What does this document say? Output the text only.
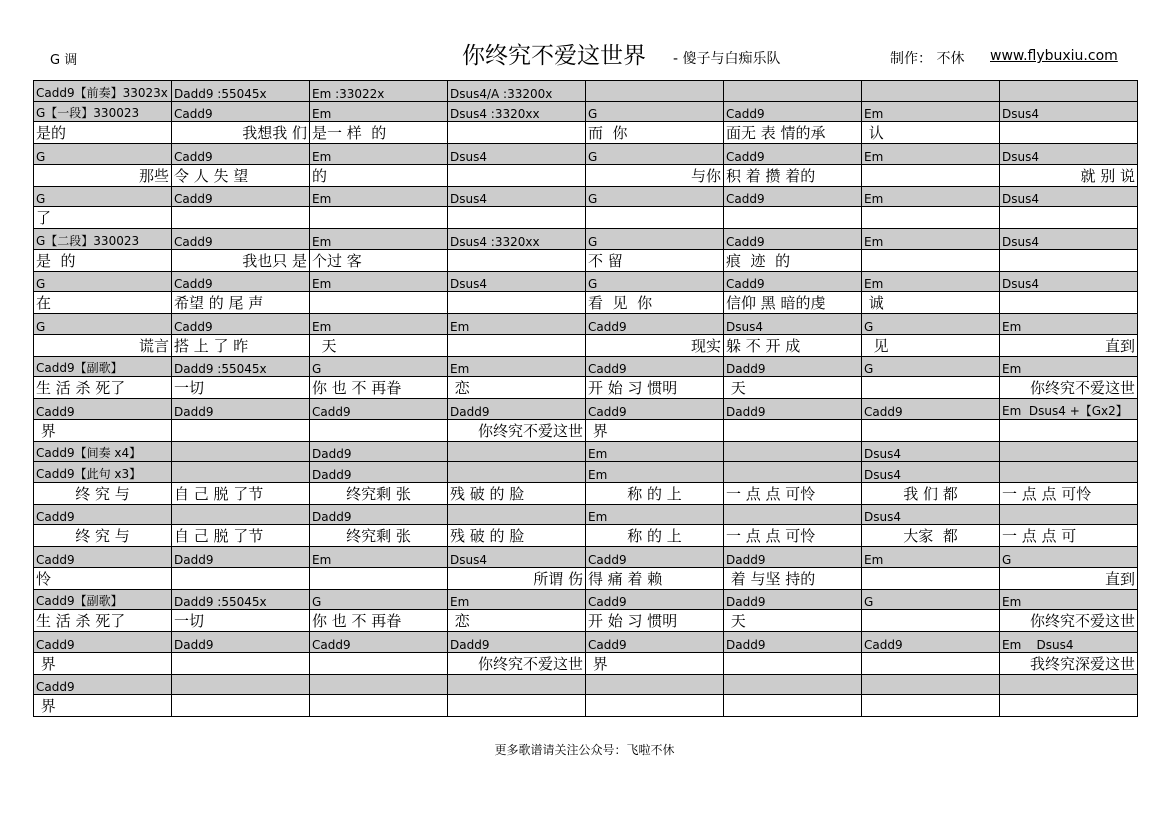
G 调	你终究不爱这世界 - 傻子与白痴乐队	制作： 不休 www.flybuxiu.com
Cadd9【前奏】33023x	Dadd9 :55045x	Em :33022x	Dsus4/A :33200x				
G【一段】330023	Cadd9	Em	Dsus4 :3320xx	G	Cadd9	Em	Dsus4
是的	我想我 们	是一 样  的		而  你	面无 表 情的承	认	
G	Cadd9	Em	Dsus4	G	Cadd9	Em	Dsus4
那些	令 人 失 望	的		与你	积 着 攒 着的		就 别 说
G	Cadd9	Em	Dsus4	G	Cadd9	Em	Dsus4
了							
G【二段】330023	Cadd9	Em	Dsus4 :3320xx	G	Cadd9	Em	Dsus4
是  的	我也只 是	个过 客		不 留	痕  迹  的		
G	Cadd9	Em	Dsus4	G	Cadd9	Em	Dsus4
在	希望 的 尾 声			看  见  你	信仰 黑 暗的虔	诚	
G	Cadd9	Em	Em	Cadd9	Dsus4	G	Em
谎言	搭 上 了 昨	天		现实	躲 不 开 成	见	直到
Cadd9【副歌】	Dadd9 :55045x	G	Em	Cadd9	Dadd9	G	Em
生 活 杀 死了	一切	你 也 不 再眷	恋	开 始 习 惯明	天		你终究不爱这世
Cadd9	Dadd9	Cadd9	Dadd9	Cadd9	Dadd9	Cadd9	Em  Dsus4 +【Gx2】
界			你终究不爱这世	界			
Cadd9【间奏 x4】		Dadd9		Em		Dsus4	
Cadd9【此句 x3】		Dadd9		Em		Dsus4	
终 究 与	自 己 脱 了节	终究剩 张	残 破 的 脸	称 的 上	一 点 点 可怜	我 们 都	一 点 点 可怜
Cadd9		Dadd9		Em		Dsus4	
终 究 与	自 己 脱 了节	终究剩 张	残 破 的 脸	称 的 上	一 点 点 可怜	大家  都	一 点 点 可
Cadd9	Dadd9	Em	Dsus4	Cadd9	Dadd9	Em	G
怜			所谓 伤	得 痛 着 赖	着 与坚 持的		直到
Cadd9【副歌】	Dadd9 :55045x	G	Em	Cadd9	Dadd9	G	Em
生 活 杀 死了	一切	你 也 不 再眷	恋	开 始 习 惯明	天		你终究不爱这世
Cadd9	Dadd9	Cadd9	Dadd9	Cadd9	Dadd9	Cadd9	Em    Dsus4
界			你终究不爱这世	界			我终究深爱这世
Cadd9							
界							
更多歌谱请关注公众号：飞啦不休
